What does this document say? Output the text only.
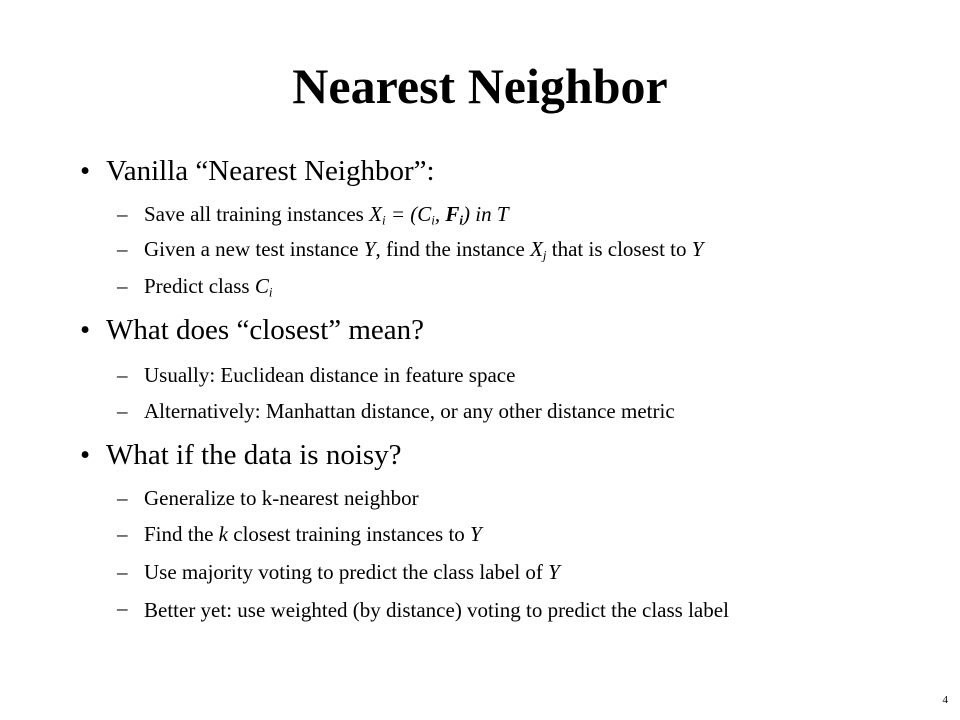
Nearest Neighbor
• Vanilla “Nearest Neighbor”:
– Save all training instances $X_i = (C_i$, $F_i$) in T
– Given a new test instance Y, find the instance $X_j$ that is closest to Y
– Predict class $C_i$
• What does “closest” mean?
– Usually: Euclidean distance in feature space
– Alternatively: Manhattan distance, or any other distance metric
• What if the data is noisy?
– Generalize to k-nearest neighbor
– Find the k closest training instances to Y
– Use majority voting to predict the class label of Y
– Better yet: use weighted (by distance) voting to predict the class label
4
